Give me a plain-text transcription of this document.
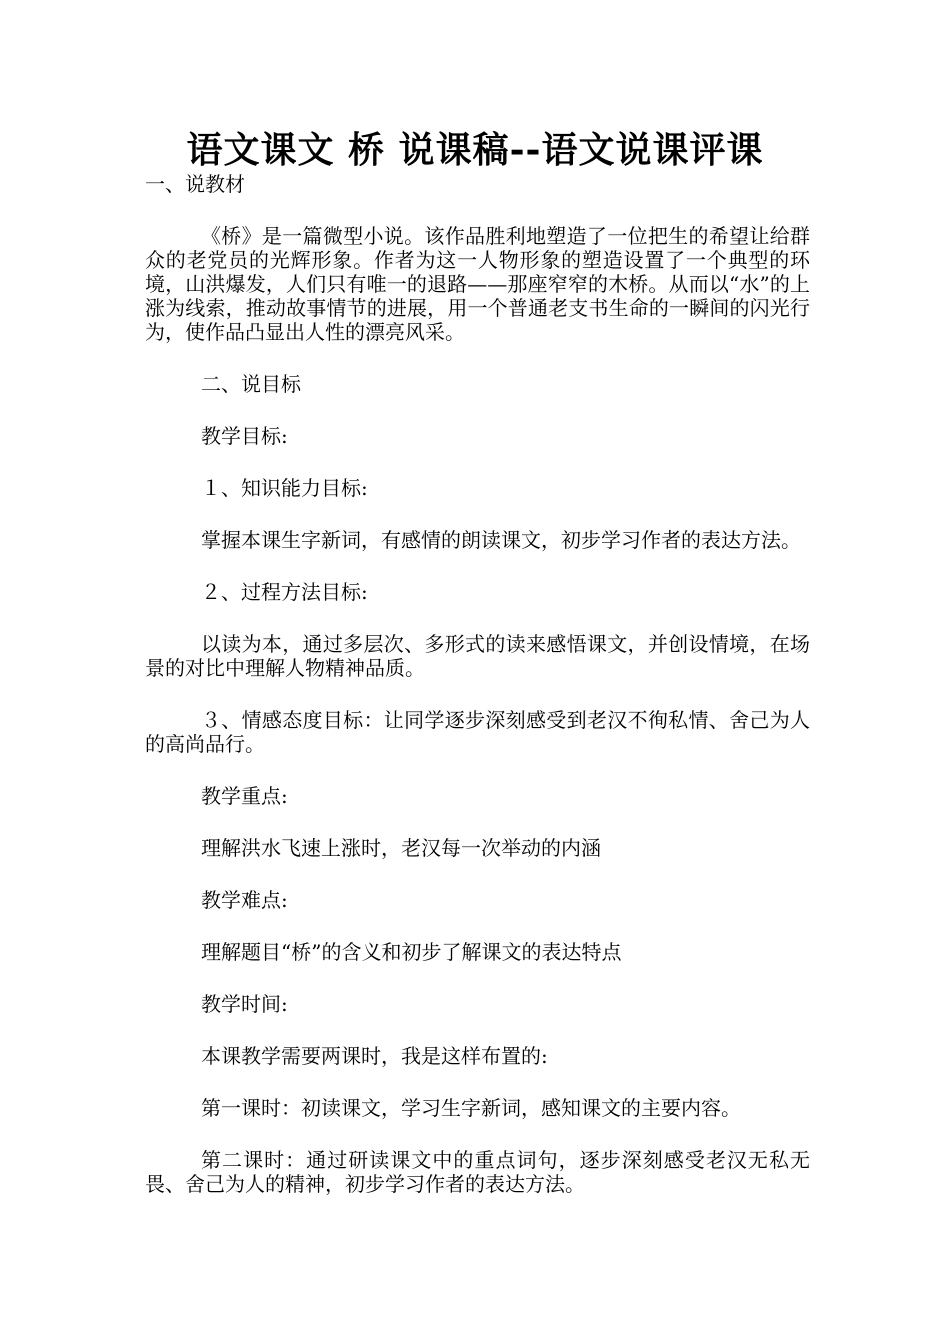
语文课文 桥 说课稿--语文说课评课

一、说教材

《桥》是一篇微型小说。该作品胜利地塑造了一位把生的希望让给群众的老党员的光辉形象。作者为这一人物形象的塑造设置了一个典型的环境，山洪爆发，人们只有唯一的退路——那座窄窄的木桥。从而以“水”的上涨为线索，推动故事情节的进展，用一个普通老支书生命的一瞬间的闪光行为，使作品凸显出人性的漂亮风采。

二、说目标

教学目标:

１、知识能力目标:

掌握本课生字新词，有感情的朗读课文，初步学习作者的表达方法。

２、过程方法目标:

以读为本，通过多层次、多形式的读来感悟课文，并创设情境，在场景的对比中理解人物精神品质。

３、情感态度目标：让同学逐步深刻感受到老汉不徇私情、舍己为人的高尚品行。

教学重点:

理解洪水飞速上涨时，老汉每一次举动的内涵

教学难点:

理解题目“桥”的含义和初步了解课文的表达特点

教学时间:

本课教学需要两课时，我是这样布置的:

第一课时：初读课文，学习生字新词，感知课文的主要内容。

第二课时：通过研读课文中的重点词句，逐步深刻感受老汉无私无畏、舍己为人的精神，初步学习作者的表达方法。
